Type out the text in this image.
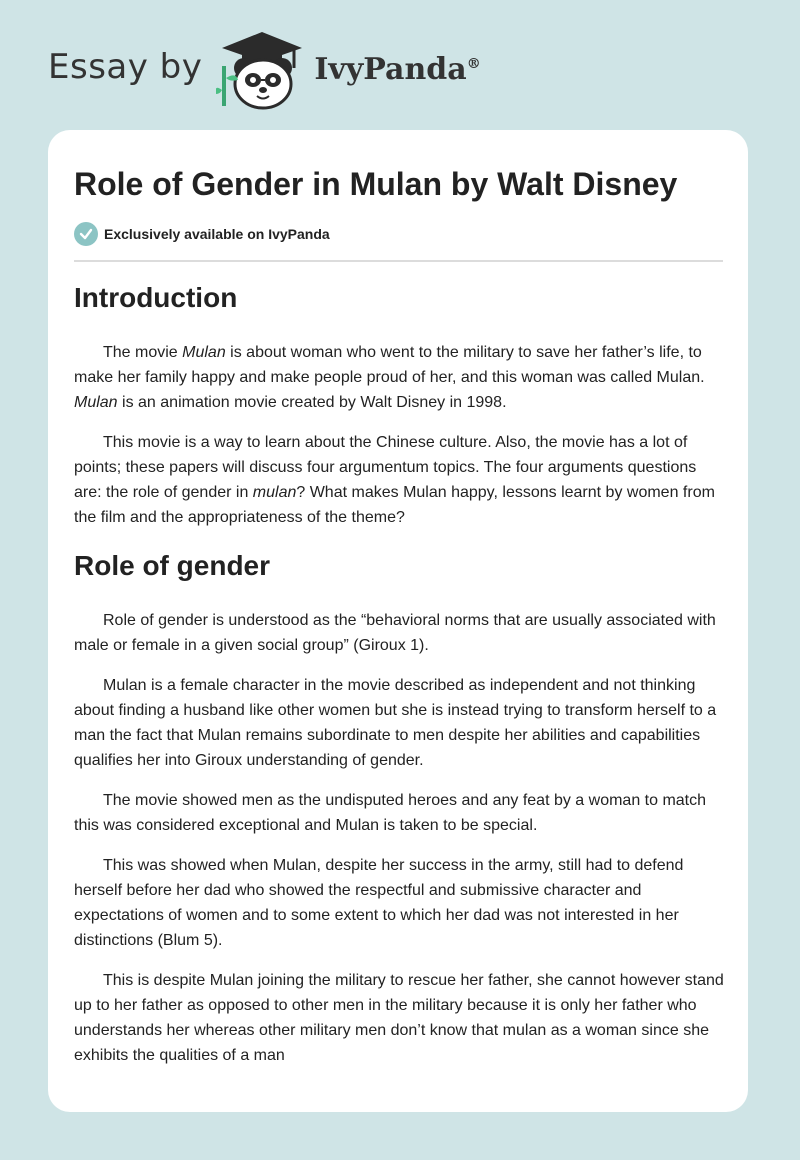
Essay by	IvyPanda®
Role of Gender in Mulan by Walt Disney
Exclusively available on IvyPanda
Introduction

The movie Mulan is about woman who went to the military to save her father’s life, to make her family happy and make people proud of her, and this woman was called Mulan. Mulan is an animation movie created by Walt Disney in 1998.

This movie is a way to learn about the Chinese culture. Also, the movie has a lot of points; these papers will discuss four argumentum topics. The four arguments questions are: the role of gender in mulan? What makes Mulan happy, lessons learnt by women from the film and the appropriateness of the theme?

Role of gender

Role of gender is understood as the “behavioral norms that are usually associated with male or female in a given social group” (Giroux 1).

Mulan is a female character in the movie described as independent and not thinking about finding a husband like other women but she is instead trying to transform herself to a man the fact that Mulan remains subordinate to men despite her abilities and capabilities qualifies her into Giroux understanding of gender.

The movie showed men as the undisputed heroes and any feat by a woman to match this was considered exceptional and Mulan is taken to be special.

This was showed when Mulan, despite her success in the army, still had to defend herself before her dad who showed the respectful and submissive character and expectations of women and to some extent to which her dad was not interested in her distinctions (Blum 5).

This is despite Mulan joining the military to rescue her father, she cannot however stand up to her father as opposed to other men in the military because it is only her father who understands her whereas other military men don’t know that mulan as a woman since she exhibits the qualities of a man
